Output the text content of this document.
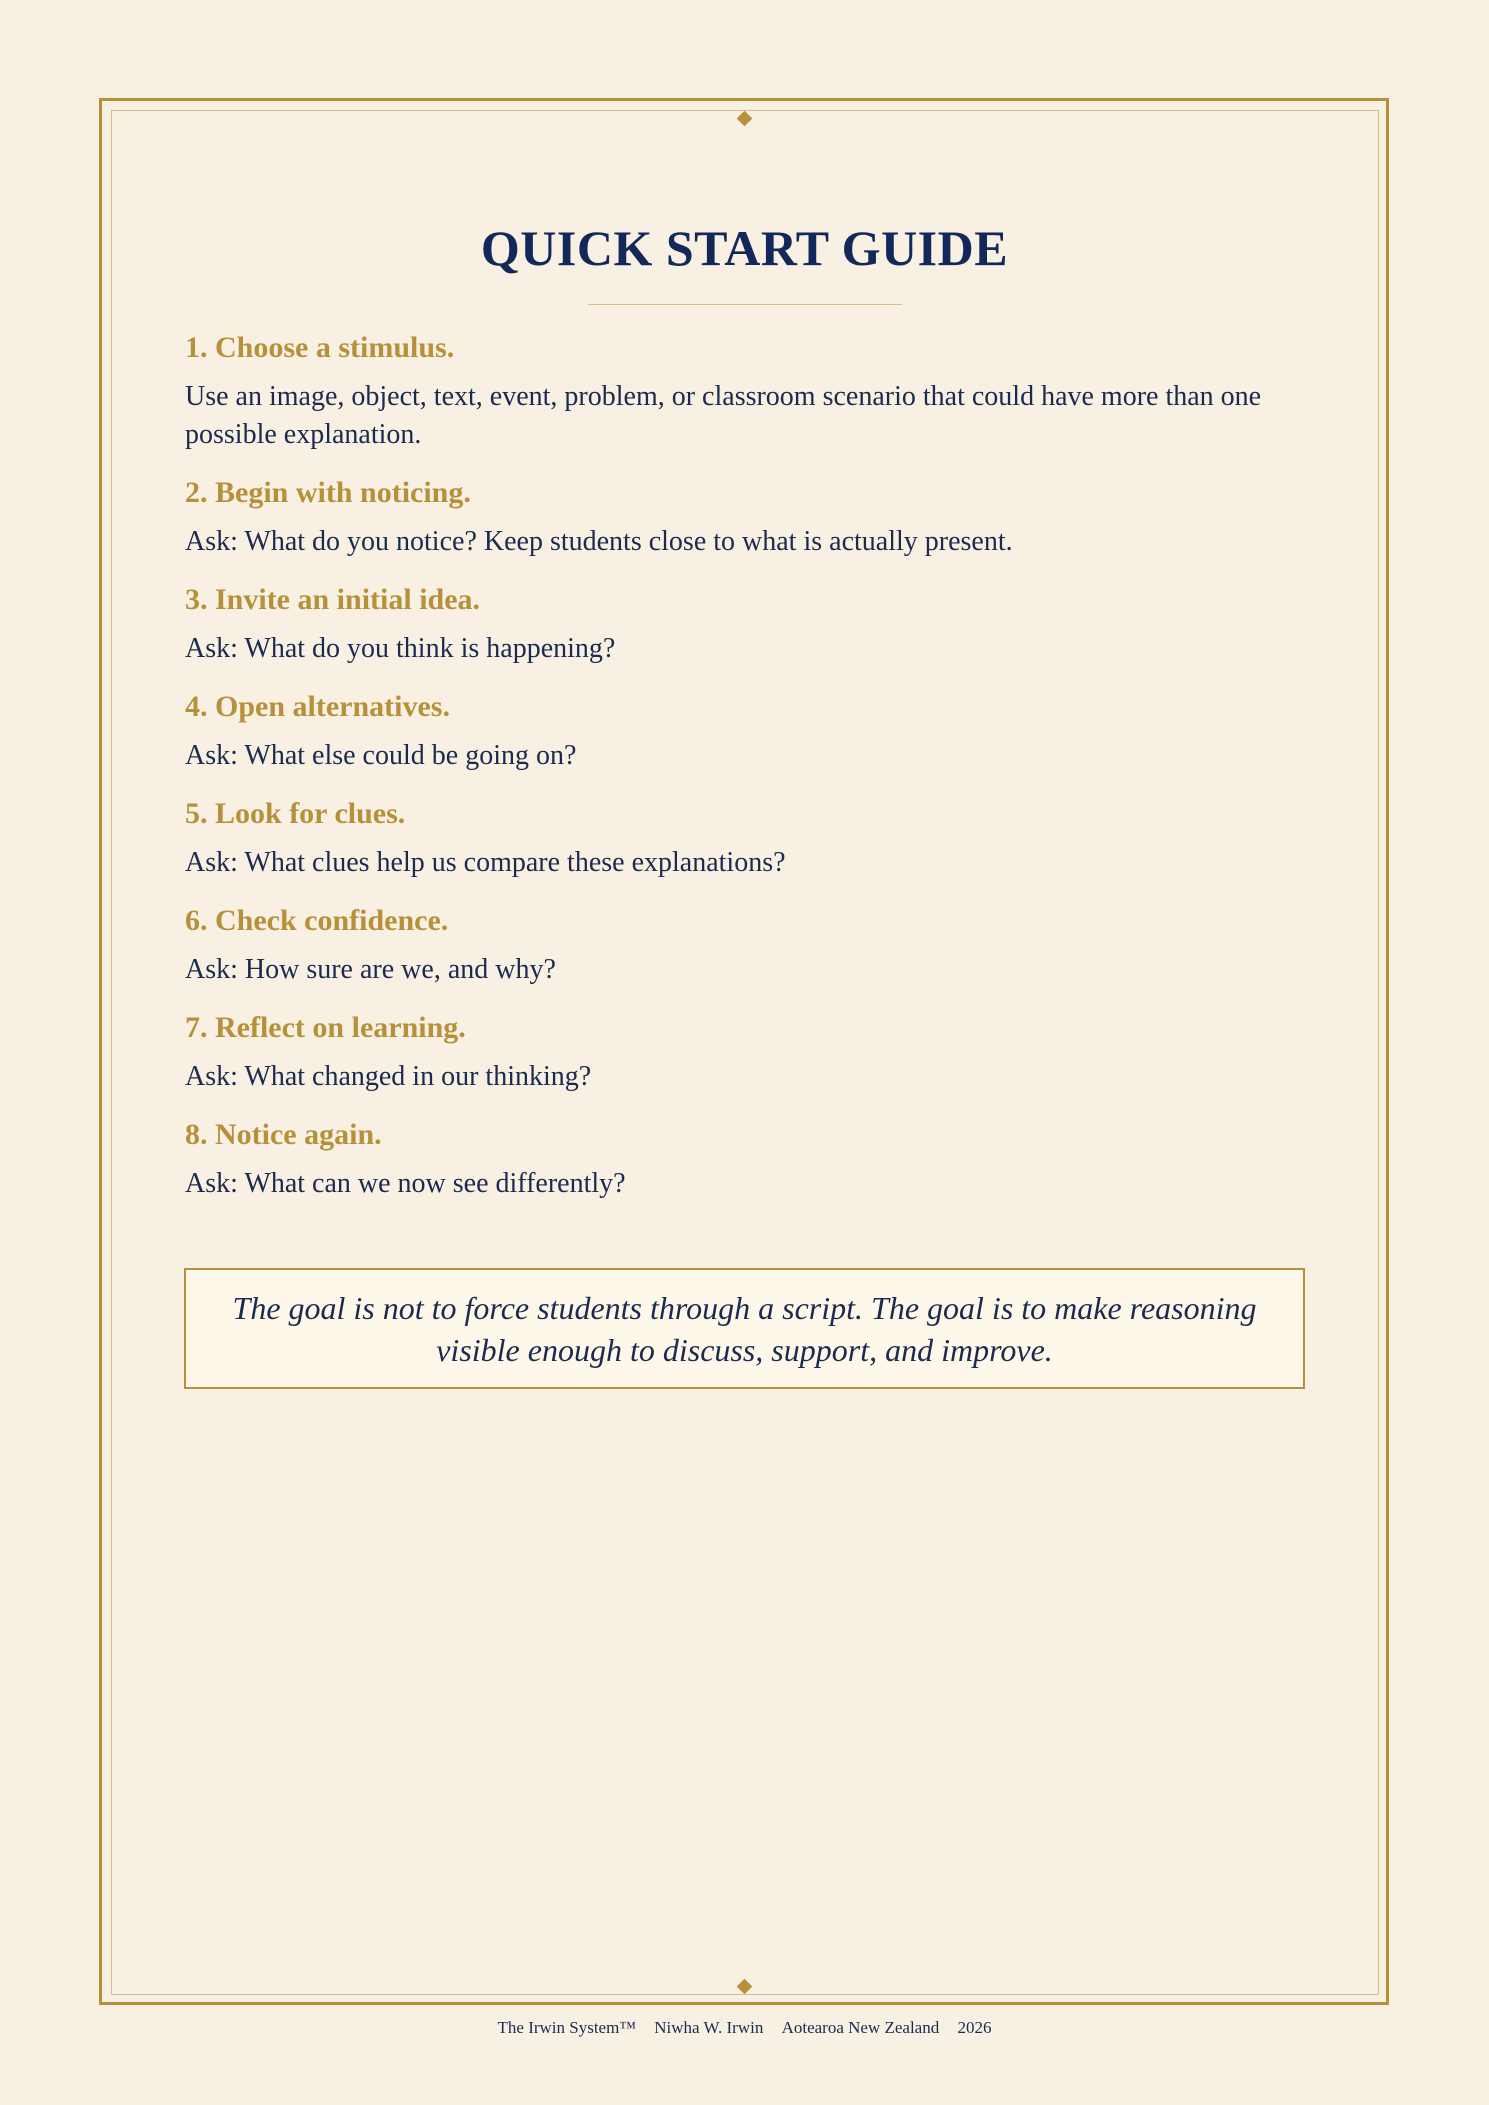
QUICK START GUIDE

1. Choose a stimulus.

Use an image, object, text, event, problem, or classroom scenario that could have more than one possible explanation.

2. Begin with noticing.

Ask: What do you notice? Keep students close to what is actually present.

3. Invite an initial idea.

Ask: What do you think is happening?

4. Open alternatives.

Ask: What else could be going on?

5. Look for clues.

Ask: What clues help us compare these explanations?

6. Check confidence.

Ask: How sure are we, and why?

7. Reflect on learning.

Ask: What changed in our thinking?

8. Notice again.

Ask: What can we now see differently?

The goal is not to force students through a script. The goal is to make reasoning visible enough to discuss, support, and improve.

The Irwin System™ Niwha W. Irwin Aotearoa New Zealand 2026
